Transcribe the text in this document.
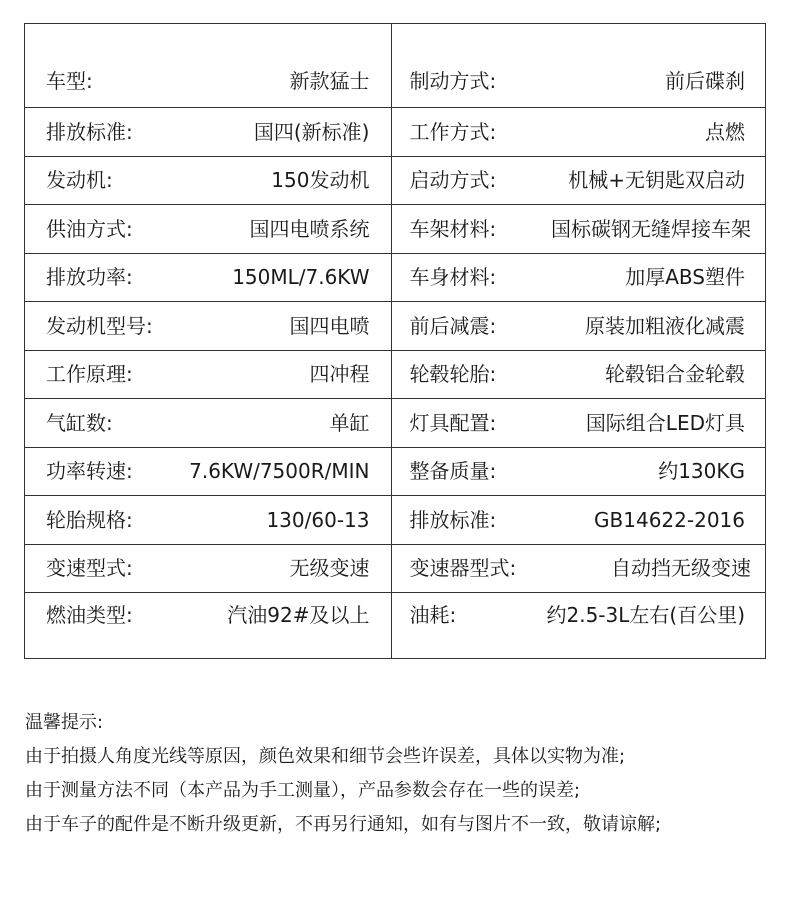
车型: 新款猛士	制动方式: 前后碟刹

排放标准: 国四(新标准)	工作方式: 点燃

发动机: 150发动机	启动方式: 机械+无钥匙双启动

供油方式: 国四电喷系统	车架材料: 国标碳钢无缝焊接车架

排放功率: 150ML/7.6KW	车身材料: 加厚ABS塑件

发动机型号: 国四电喷	前后减震: 原装加粗液化减震

工作原理: 四冲程	轮毂轮胎: 轮毂铝合金轮毂

气缸数: 单缸	灯具配置: 国际组合LED灯具

功率转速: 7.6KW/7500R/MIN	整备质量: 约130KG

轮胎规格: 130/60-13	排放标准: GB14622-2016

变速型式: 无级变速	变速器型式: 自动挡无级变速

燃油类型: 汽油92#及以上	油耗: 约2.5-3L左右(百公里)
温馨提示:
由于拍摄人角度光线等原因，颜色效果和细节会些许误差，具体以实物为准;
由于测量方法不同（本产品为手工测量），产品参数会存在一些的误差;
由于车子的配件是不断升级更新，不再另行通知，如有与图片不一致，敬请谅解;
